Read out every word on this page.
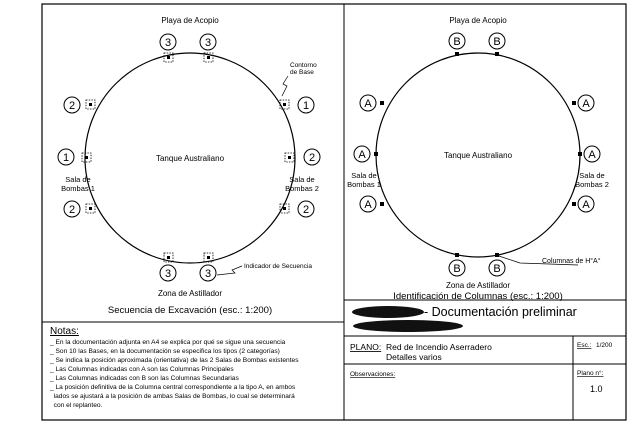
Playa de Acopio
Tanque Australiano
Sala de
Bombas 1
Sala de
Bombas 2
3	3
2	1
1	2
2	2
3	3
Contorno
de Base
Indicador de Secuencia
Zona de Astillador
Secuencia de Excavación (esc.: 1:200)
Playa de Acopio
Tanque Australiano
Sala de
Bombas 1
Sala de
Bombas 2
B	B
A	A
A	A
A	A
B	B
Columnas de H°A°
Zona de Astillador
Identificación de Columnas (esc.: 1:200)
Notas:
_ En la documentación adjunta en A4 se explica por qué se sigue una secuencia
_ Son 10 las Bases, en la documentación se especifica los tipos (2 categorías)
_ Se indica la posición aproximada (orientativa) de las 2 Salas de Bombas existentes
_ Las Columnas indicadas con A son las Columnas Principales
_ Las Columnas indicadas con B son las Columnas Secundarias
_ La posición definitiva de la Columna central correspondiente a la tipo A, en ambos
lados se ajustará a la posición de ambas Salas de Bombas, lo cual se determinará
con el replanteo.
- Documentación preliminar
PLANO: Red de Incendio Aserradero
Detalles varios
Esc.: 1/200
Observaciones:	Plano n°:
1.0
